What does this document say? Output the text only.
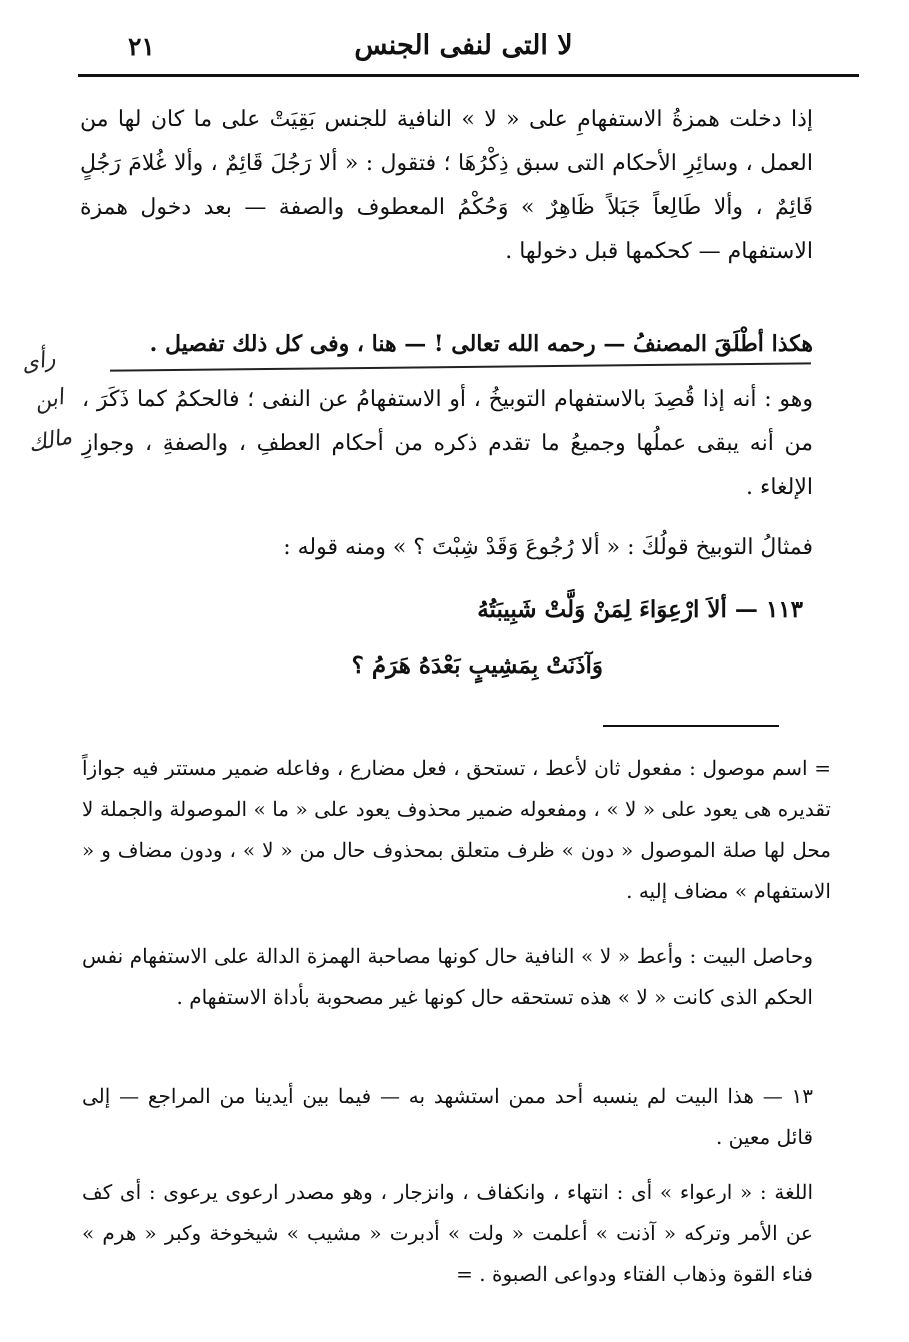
لا التى لنفى الجنس
٢١
إذا دخلت همزةُ الاستفهامِ على « لا » النافية للجنس بَقِيَتْ على ما كان لها من العمل ، وسائِرِ الأحكام التى سبق ذِكْرُهَا ؛ فتقول : « ألا رَجُلَ قَائِمٌ ، وألا غُلامَ رَجُلٍ قَائِمٌ ، وألا طَالِعاً جَبَلاً ظَاهِرٌ » وَحُكْمُ المعطوف والصفة — بعد دخول همزة الاستفهام — كحكمها قبل دخولها .
هكذا أطْلَقَ المصنفُ — رحمه الله تعالى ! — هنا ، وفى كل ذلك تفصيل .
وهو : أنه إذا قُصِدَ بالاستفهام التوبيخُ ، أو الاستفهامُ عن النفى ؛ فالحكمُ كما ذَكَرَ ، من أنه يبقى عملُها وجميعُ ما تقدم ذكره من أحكام العطفِ ، والصفةِ ، وجوازِ الإلغاء .
فمثالُ التوبيخ قولُكَ : « ألا رُجُوعَ وَقَدْ شِبْتَ ؟ » ومنه قوله :
١١٣ — ألاَ ارْعِوَاءَ لِمَنْ وَلَّتْ شَبِيبَتُهُ
وَآذَنَتْ بِمَشِيبٍ بَعْدَهُ هَرَمُ ؟
رأى ابن مالك
= اسم موصول : مفعول ثان لأعط ، تستحق ، فعل مضارع ، وفاعله ضمير مستتر فيه جوازاً تقديره هى يعود على « لا » ، ومفعوله ضمير محذوف يعود على « ما » الموصولة والجملة لا محل لها صلة الموصول « دون » ظرف متعلق بمحذوف حال من « لا » ، ودون مضاف و « الاستفهام » مضاف إليه .
وحاصل البيت : وأعط « لا » النافية حال كونها مصاحبة الهمزة الدالة على الاستفهام نفس الحكم الذى كانت « لا » هذه تستحقه حال كونها غير مصحوبة بأداة الاستفهام .
١٣ — هذا البيت لم ينسبه أحد ممن استشهد به — فيما بين أيدينا من المراجع — إلى قائل معين .
اللغة : « ارعواء » أى : انتهاء ، وانكفاف ، وانزجار ، وهو مصدر ارعوى يرعوى : أى كف عن الأمر وتركه « آذنت » أعلمت « ولت » أدبرت « مشيب » شيخوخة وكبر « هرم » فناء القوة وذهاب الفتاء ودواعى الصبوة . =
